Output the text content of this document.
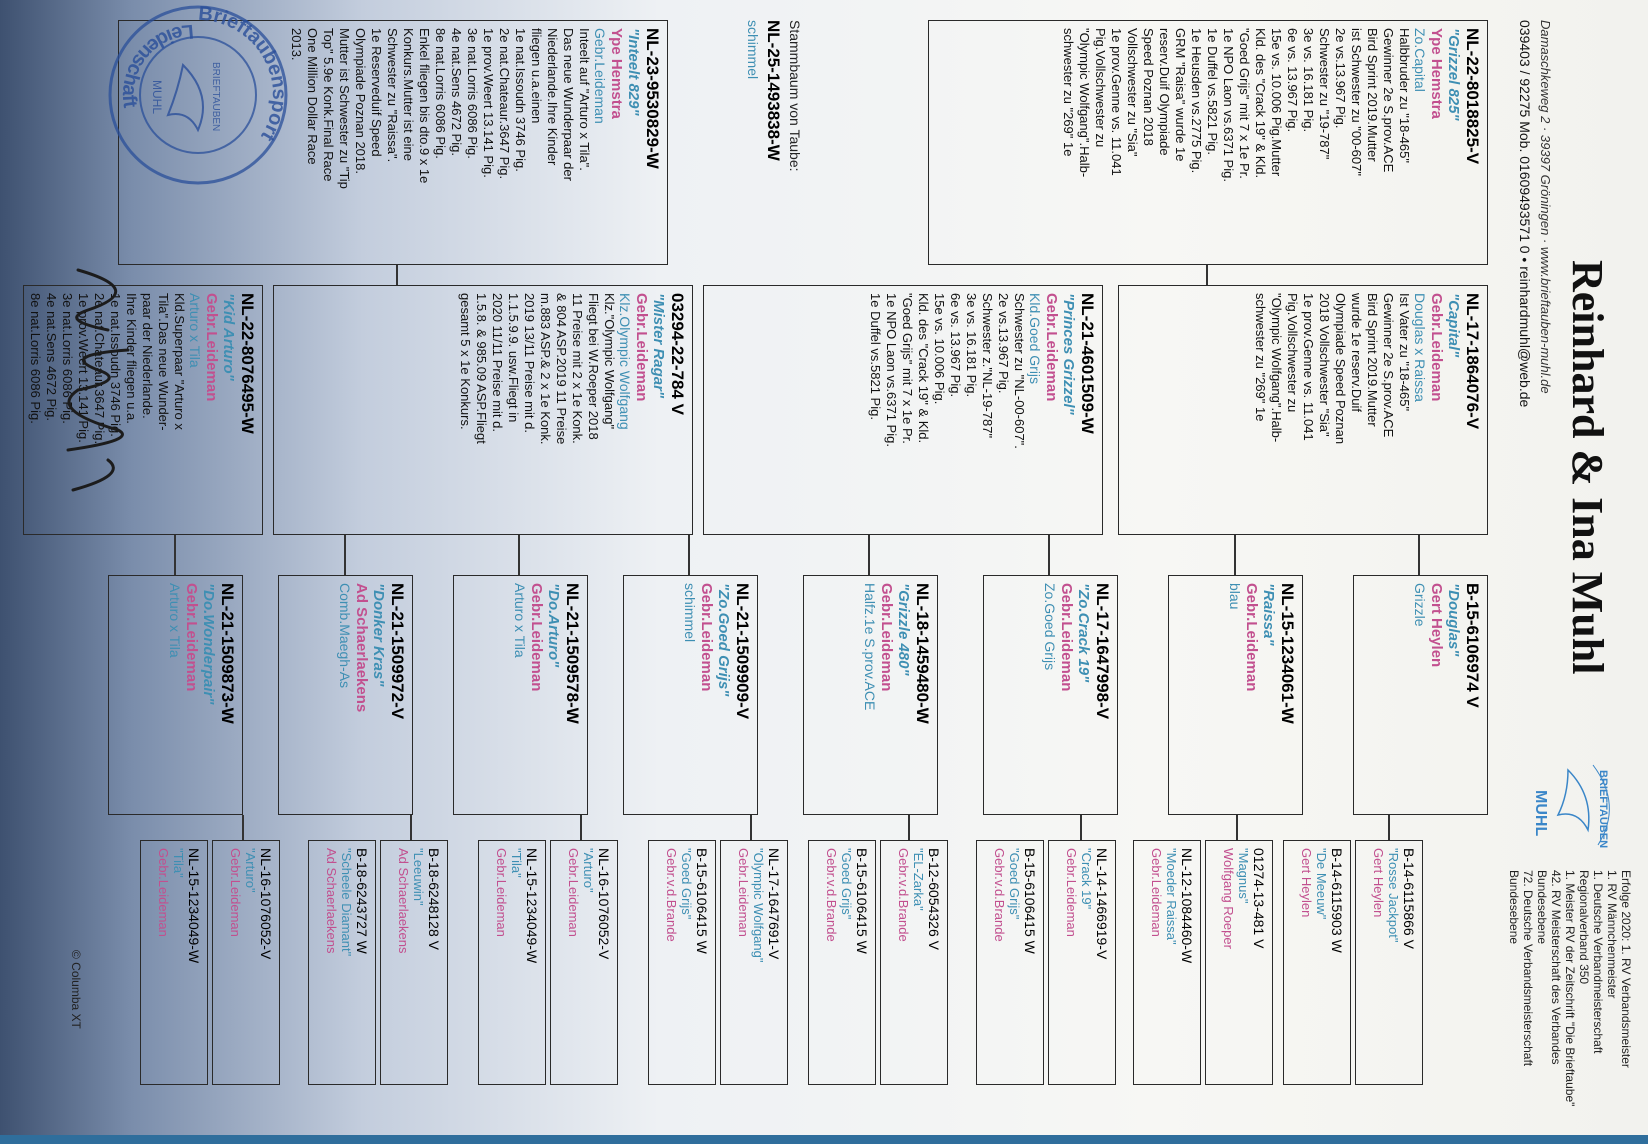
Reinhard & Ina Muhl
Damaschkeweg 2 · 39397 Gröningen · www.brieftauben-muhl.de
039403 / 92275 Mob. 01609493571 0 • reinhardmuhl@web.de
BRIEFTAUBEN
MUHL
Erfolge 2020: 1. RV Verbandsmeister
1. RV Männchenmeister
1. Deutsche Verbandmeisterschaft
Regionalverband 350
1. Meister RV der Zeitschrift "Die Brieftaube"
42. RV Meisterschaft des Verbandes
Bundesebene
72. Deutsche Verbandsmeisterschaft
Bundesebene
Stammbaum von Taube:
NL-25-1493838-W
schimmel	NL-22-8018825-V
"Grizzel 825"
Ype Hemstra
Zo.Capital
Halbbruder zu "18-465"
Gewinner 2e S.prov.ACE
Bird Sprint 2019.Mutter
ist Schwester zu "00-607"
2e vs.13.967 Pig.
Schwester zu "19-787"
3e vs. 16.181 Pig.
6e vs. 13.967 Pig.
15e vs. 10.006 Pig.Mutter
Kld. des "Crack 19" & Kld.
"Goed Grijs" mit 7 x 1e Pr.
1e NPO Laon vs.6371 Pig.
1e Duffel vs.5821 Pig.
1e Heusden vs.2775 Pig.
GRM "Raisa" wurde 1e
reserv.Duif Olympiade
Speed Poznan 2018
Vollschwester zu "Sia"
1e prov.Genne vs. 11.041
Pig.Vollschwester zu
"Olympic Wolfgang".Halb-
schwester zu "269" 1e
NL-23-9530829-W
"Inteelt 829"
Ype Hemstra
Gebr.Leideman
Inteelt auf "Arturo x Tila".
Das neue Wunderpaar der
Niederlande.Ihre Kinder
fliegen u.a.einen
1e nat.Issoudn 3746 Pig.
2e nat.Chateaur.3647 Pig.
1e prov.Weert 13.141 Pig.
3e nat.Lorris 6086 Pig.
4e nat.Sens 4672 Pig.
8e nat.Lorris 6086 Pig.
Enkel fliegen bis dto.9 x 1e
Konkurs.Mutter ist eine
Schwester zu "Raissa".
1e Reserveduif Speed
Olympiade Poznan 2018.
Mutter ist Schwester zu "Tip
Top" 5.9e Konk.Final Race
One Million Dollar Race
2013.
NL-17-1864076-V
"Capital"
Gebr.Leideman
Douglas x Raissa
Ist Vater zu "18-465"
Gewinner 2e S.prov.ACE
Bird Sprint 2019.Mutter
wurde 1e reserv.Duif
Olympiade Speed Poznan
2018 Vollschwester "Sia"
1e prov.Genne vs. 11.041
Pig.Vollschwester zu
"Olympic Wolfgang".Halb-
schwester zu "269" 1e
NL-21-4601509-W
"Princes Grizzel"
Gebr.Leideman
Kld.Goed Grijs
Schwester zu "NL-00-607".
2e vs.13.967 Pig.
Schwester z."NL-19-787"
3e vs. 16.181 Pig.
6e vs. 13.967 Pig.
15e vs. 10.006 Pig.
Kld. des "Crack 19" & Kld.
"Goed Grijs" mit 7 x 1e Pr.
1e NPO Laon vs.6371 Pig.
1e Duffel vs.5821 Pig.
03294-22-784 V
"Mister Ragar"
Gebr.Leideman
Klz.Olympic Wolfgang
Klz."Olympic Wolfgang"
Fliegt bei W.Roeper 2018
11 Preise mit 2 x 1e Konk.
& 804 ASP.2019 11 Preise
m.883 ASP.& 2 x 1e Konk.
2019 13/11 Preise mit d.
1.1.5.9.9. usw.Fliegt in
2020 11/11 Preise mit d.
1.5.8. & 985.09 ASP.Fliegt
gesamt 5 x 1e Konkurs.
NL-22-8076495-W
"Kid Arturo"
Gebr.Leideman
Arturo x Tila
Kld.Superpaar "Arturo x
Tila".Das neue Wunder-
paar der Niederlande.
Ihre Kinder fliegen u.a.
1e nat.Issoudn 3746 Pig.
2e nat.Chateaur.3647 Pig.
1e prov.Weert 13.141 Pig.
3e nat.Lorris 6086 Pig.
4e nat.Sens 4672 Pig.
8e nat.Lorris 6086 Pig.
B-15-6106974 V
"Douglas"
Gert Heylen
Grizzle
NL-15-1234061-W
"Raissa"
Gebr.Leideman
blau
NL-17-1647998-V
"Zo.Crack 19"
Gebr.Leideman
Zo.Goed Grijs
NL-18-1459480-W
"Grizzle 480"
Gebr.Leideman
Halfz.1e S.prov.ACE
NL-21-1509909-V
"Zo.Goed Grijs"
Gebr.Leideman
schimmel
NL-21-1509578-W
"Do.Arturo"
Gebr.Leideman
Arturo x Tila
NL-21-1509972-V
"Donker Kras"
Ad Schaerlaekens
Comb.Maegh-As
NL-21-1509873-W
"Do.Wonderpair"
Gebr.Leideman
Arturo x Tila
B-14-6115866 V
"Rosse Jackpot"
Gert Heylen
B-14-6115903 W
"De Meeuw"
Gert Heylen
01274-13-481 V
"Magnus"
Wolfgang Roeper
NL-12-1084460-W
"Moeder Raissa"
Gebr.Leideman
NL-14-1466919-V
"Crack 19"
Gebr.Leideman
B-15-6106415 W
"Goed Grijs"
Gebr.v.d.Brande
B-12-6054326 V
"EL-Zarka"
Gebr.v.d.Brande
B-15-6106415 W
"Goed Grijs"
Gebr.v.d.Brande
NL-17-1647691-V
"Olympic Wolfgang"
Gebr.Leideman
B-15-6106415 W
"Goed Grijs"
Gebr.v.d.Brande
NL-16-1076052-V
"Arturo"
Gebr.Leideman
NL-15-1234049-W
"Tila"
Gebr.Leideman
B-18-6248128 V
"Leeuwin"
Ad Schaerlaekens
B-18-6243727 W
"Scheele Diamant"
Ad Schaerlaekens
NL-16-1076052-V
"Arturo"
Gebr.Leideman
NL-15-1234049-W
"Tila"
Gebr.Leideman
Brieftaubensport
Leidenschaft	BRIEFTAUBEN
MUHL
© Columba XT
